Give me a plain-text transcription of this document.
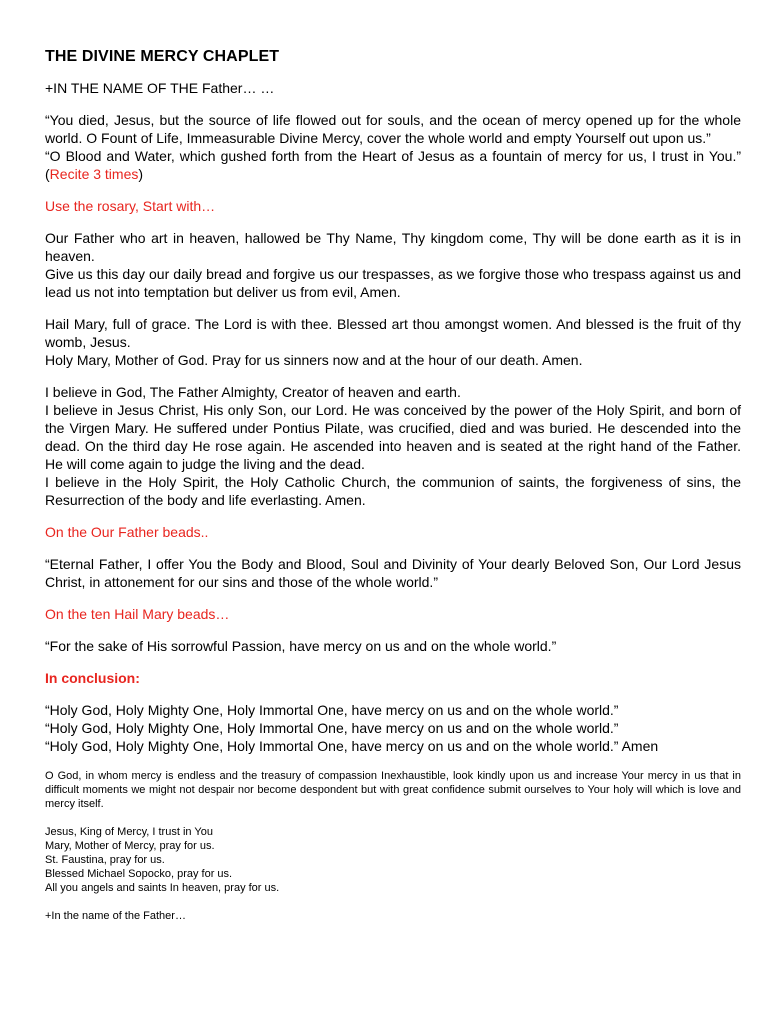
THE DIVINE MERCY CHAPLET

+IN THE NAME OF THE Father… …

“You died, Jesus, but the source of life flowed out for souls, and the ocean of mercy opened up for the whole world. O Fount of Life, Immeasurable Divine Mercy, cover the whole world and empty Yourself out upon us.”

“O Blood and Water, which gushed forth from the Heart of Jesus as a fountain of mercy for us, I trust in You.” (Recite 3 times)

Use the rosary, Start with…

Our Father who art in heaven, hallowed be Thy Name, Thy kingdom come, Thy will be done earth as it is in heaven.

Give us this day our daily bread and forgive us our trespasses, as we forgive those who trespass against us and lead us not into temptation but deliver us from evil, Amen.

Hail Mary, full of grace. The Lord is with thee. Blessed art thou amongst women. And blessed is the fruit of thy womb, Jesus.

Holy Mary, Mother of God. Pray for us sinners now and at the hour of our death. Amen.

I believe in God, The Father Almighty, Creator of heaven and earth.

I believe in Jesus Christ, His only Son, our Lord. He was conceived by the power of the Holy Spirit, and born of the Virgen Mary. He suffered under Pontius Pilate, was crucified, died and was buried. He descended into the dead. On the third day He rose again. He ascended into heaven and is seated at the right hand of the Father. He will come again to judge the living and the dead.

I believe in the Holy Spirit, the Holy Catholic Church, the communion of saints, the forgiveness of sins, the Resurrection of the body and life everlasting. Amen.

On the Our Father beads..

“Eternal Father, I offer You the Body and Blood, Soul and Divinity of Your dearly Beloved Son, Our Lord Jesus Christ, in attonement for our sins and those of the whole world.”

On the ten Hail Mary beads…

“For the sake of His sorrowful Passion, have mercy on us and on the whole world.”

In conclusion:

“Holy God, Holy Mighty One, Holy Immortal One, have mercy on us and on the whole world.”

“Holy God, Holy Mighty One, Holy Immortal One, have mercy on us and on the whole world.”

“Holy God, Holy Mighty One, Holy Immortal One, have mercy on us and on the whole world.” Amen

O God, in whom mercy is endless and the treasury of compassion Inexhaustible, look kindly upon us and increase Your mercy in us that in difficult moments we might not despair nor become despondent but with great confidence submit ourselves to Your holy will which is love and mercy itself.

Jesus, King of Mercy, I trust in You

Mary, Mother of Mercy, pray for us.

St. Faustina, pray for us.

Blessed Michael Sopocko, pray for us.

All you angels and saints In heaven, pray for us.

+In the name of the Father…
